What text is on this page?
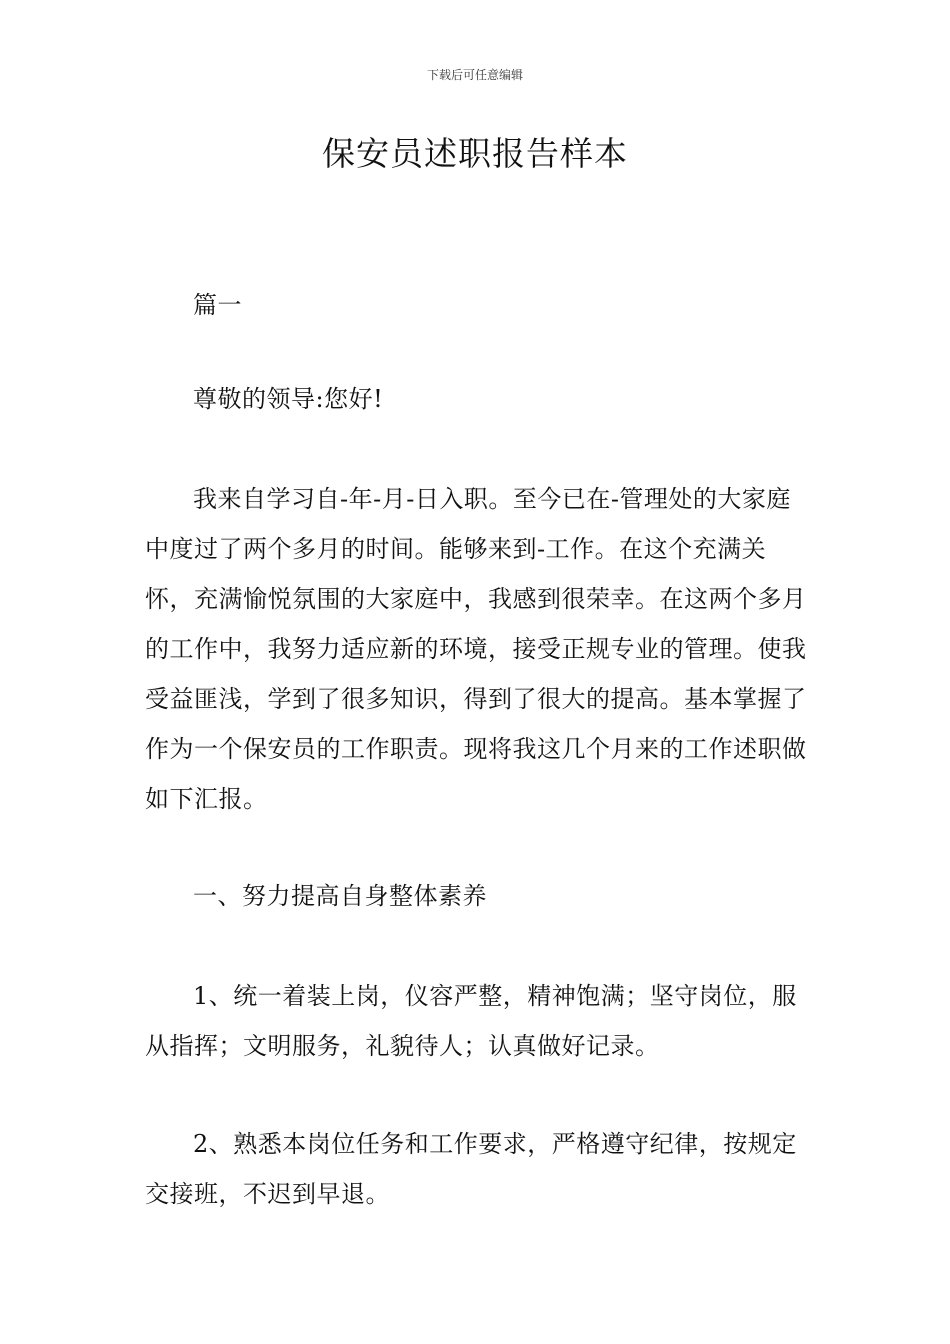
下载后可任意编辑
保安员述职报告样本

篇一

尊敬的领导:您好!

我来自学习自-年-月-日入职。至今已在-管理处的大家庭中度过了两个多月的时间。能够来到-工作。在这个充满关怀，充满愉悦氛围的大家庭中，我感到很荣幸。在这两个多月的工作中，我努力适应新的环境，接受正规专业的管理。使我受益匪浅，学到了很多知识，得到了很大的提高。基本掌握了作为一个保安员的工作职责。现将我这几个月来的工作述职做如下汇报。

一、努力提高自身整体素养

1、统一着装上岗，仪容严整，精神饱满；坚守岗位，服从指挥；文明服务，礼貌待人；认真做好记录。

2、熟悉本岗位任务和工作要求，严格遵守纪律，按规定交接班，不迟到早退。
